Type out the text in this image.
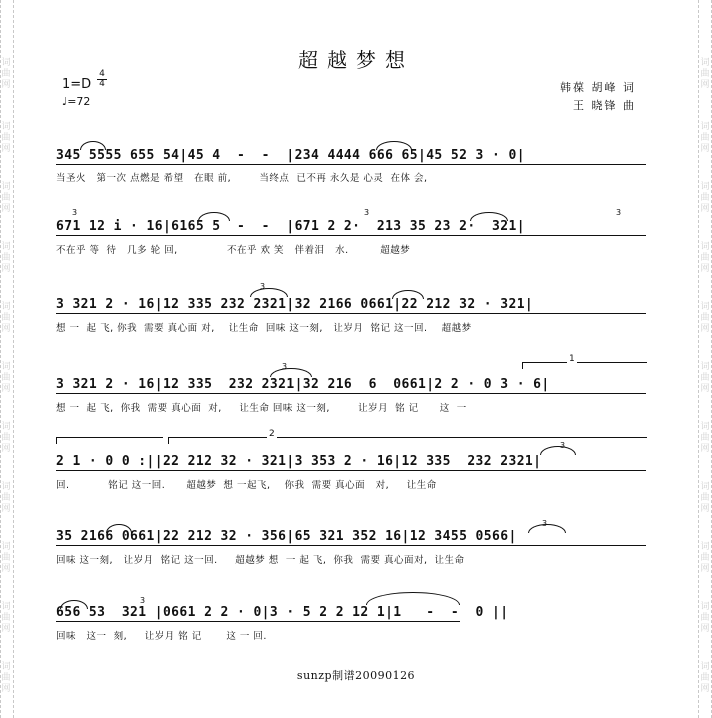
词曲网
词曲网
词曲网
词曲网
词曲网
词曲网
词曲网
词曲网
词曲网
词曲网
词曲网
词曲网
词曲网
词曲网
词曲网
词曲网
词曲网
词曲网
词曲网
词曲网
词曲网
词曲网
超越梦想
1=D
4
4
♩=72
韩葆 胡峰 词
王 晓锋 曲
345 5555 655 54|45 4  -  -  |234 4444 666 65|45 52 3 · 0|
当圣火   第一次 点燃是 希望   在眼 前,        当终点  已不再 永久是 心灵  在体 会,
3	3	3
671 12 i · 16|6165 5  -  -  |671 2 2·  213 35 23 2·  321|
不在乎 等  待   几多 轮 回,              不在乎 欢 笑   伴着泪   水.         超越梦
3
3 321 2 · 16|12 335 232 2321|32 2166 0661|22 212 32 · 321|
想 一  起 飞, 你我  需要 真心面 对,    让生命  回味 这一刻,   让岁月  铭记 这一回.    超越梦
1
3
3 321 2 · 16|12 335  232 2321|32 216  6  0661|2 2 · 0 3 · 6|
想 一  起 飞,  你我  需要 真心面  对,     让生命 回味 这一刻,        让岁月  铭 记      这  一
2
3
2 1 · 0 0 :||22 212 32 · 321|3 353 2 · 16|12 335  232 2321|
回.           铭记 这一回.      超越梦  想 一起飞,    你我  需要 真心面   对,     让生命
3
35 2166 0661|22 212 32 · 356|65 321 352 16|12 3455 0566|
回味 这一刻,   让岁月  铭记 这一回.     超越梦 想  一 起 飞,  你我  需要 真心面对,  让生命
3
656 53  321 |0661 2 2 · 0|3 · 5 2 2 12 1|1   -  -  0 ||
回味   这一  刻,     让岁月 铭 记       这 一 回.
sunzp制谱20090126
